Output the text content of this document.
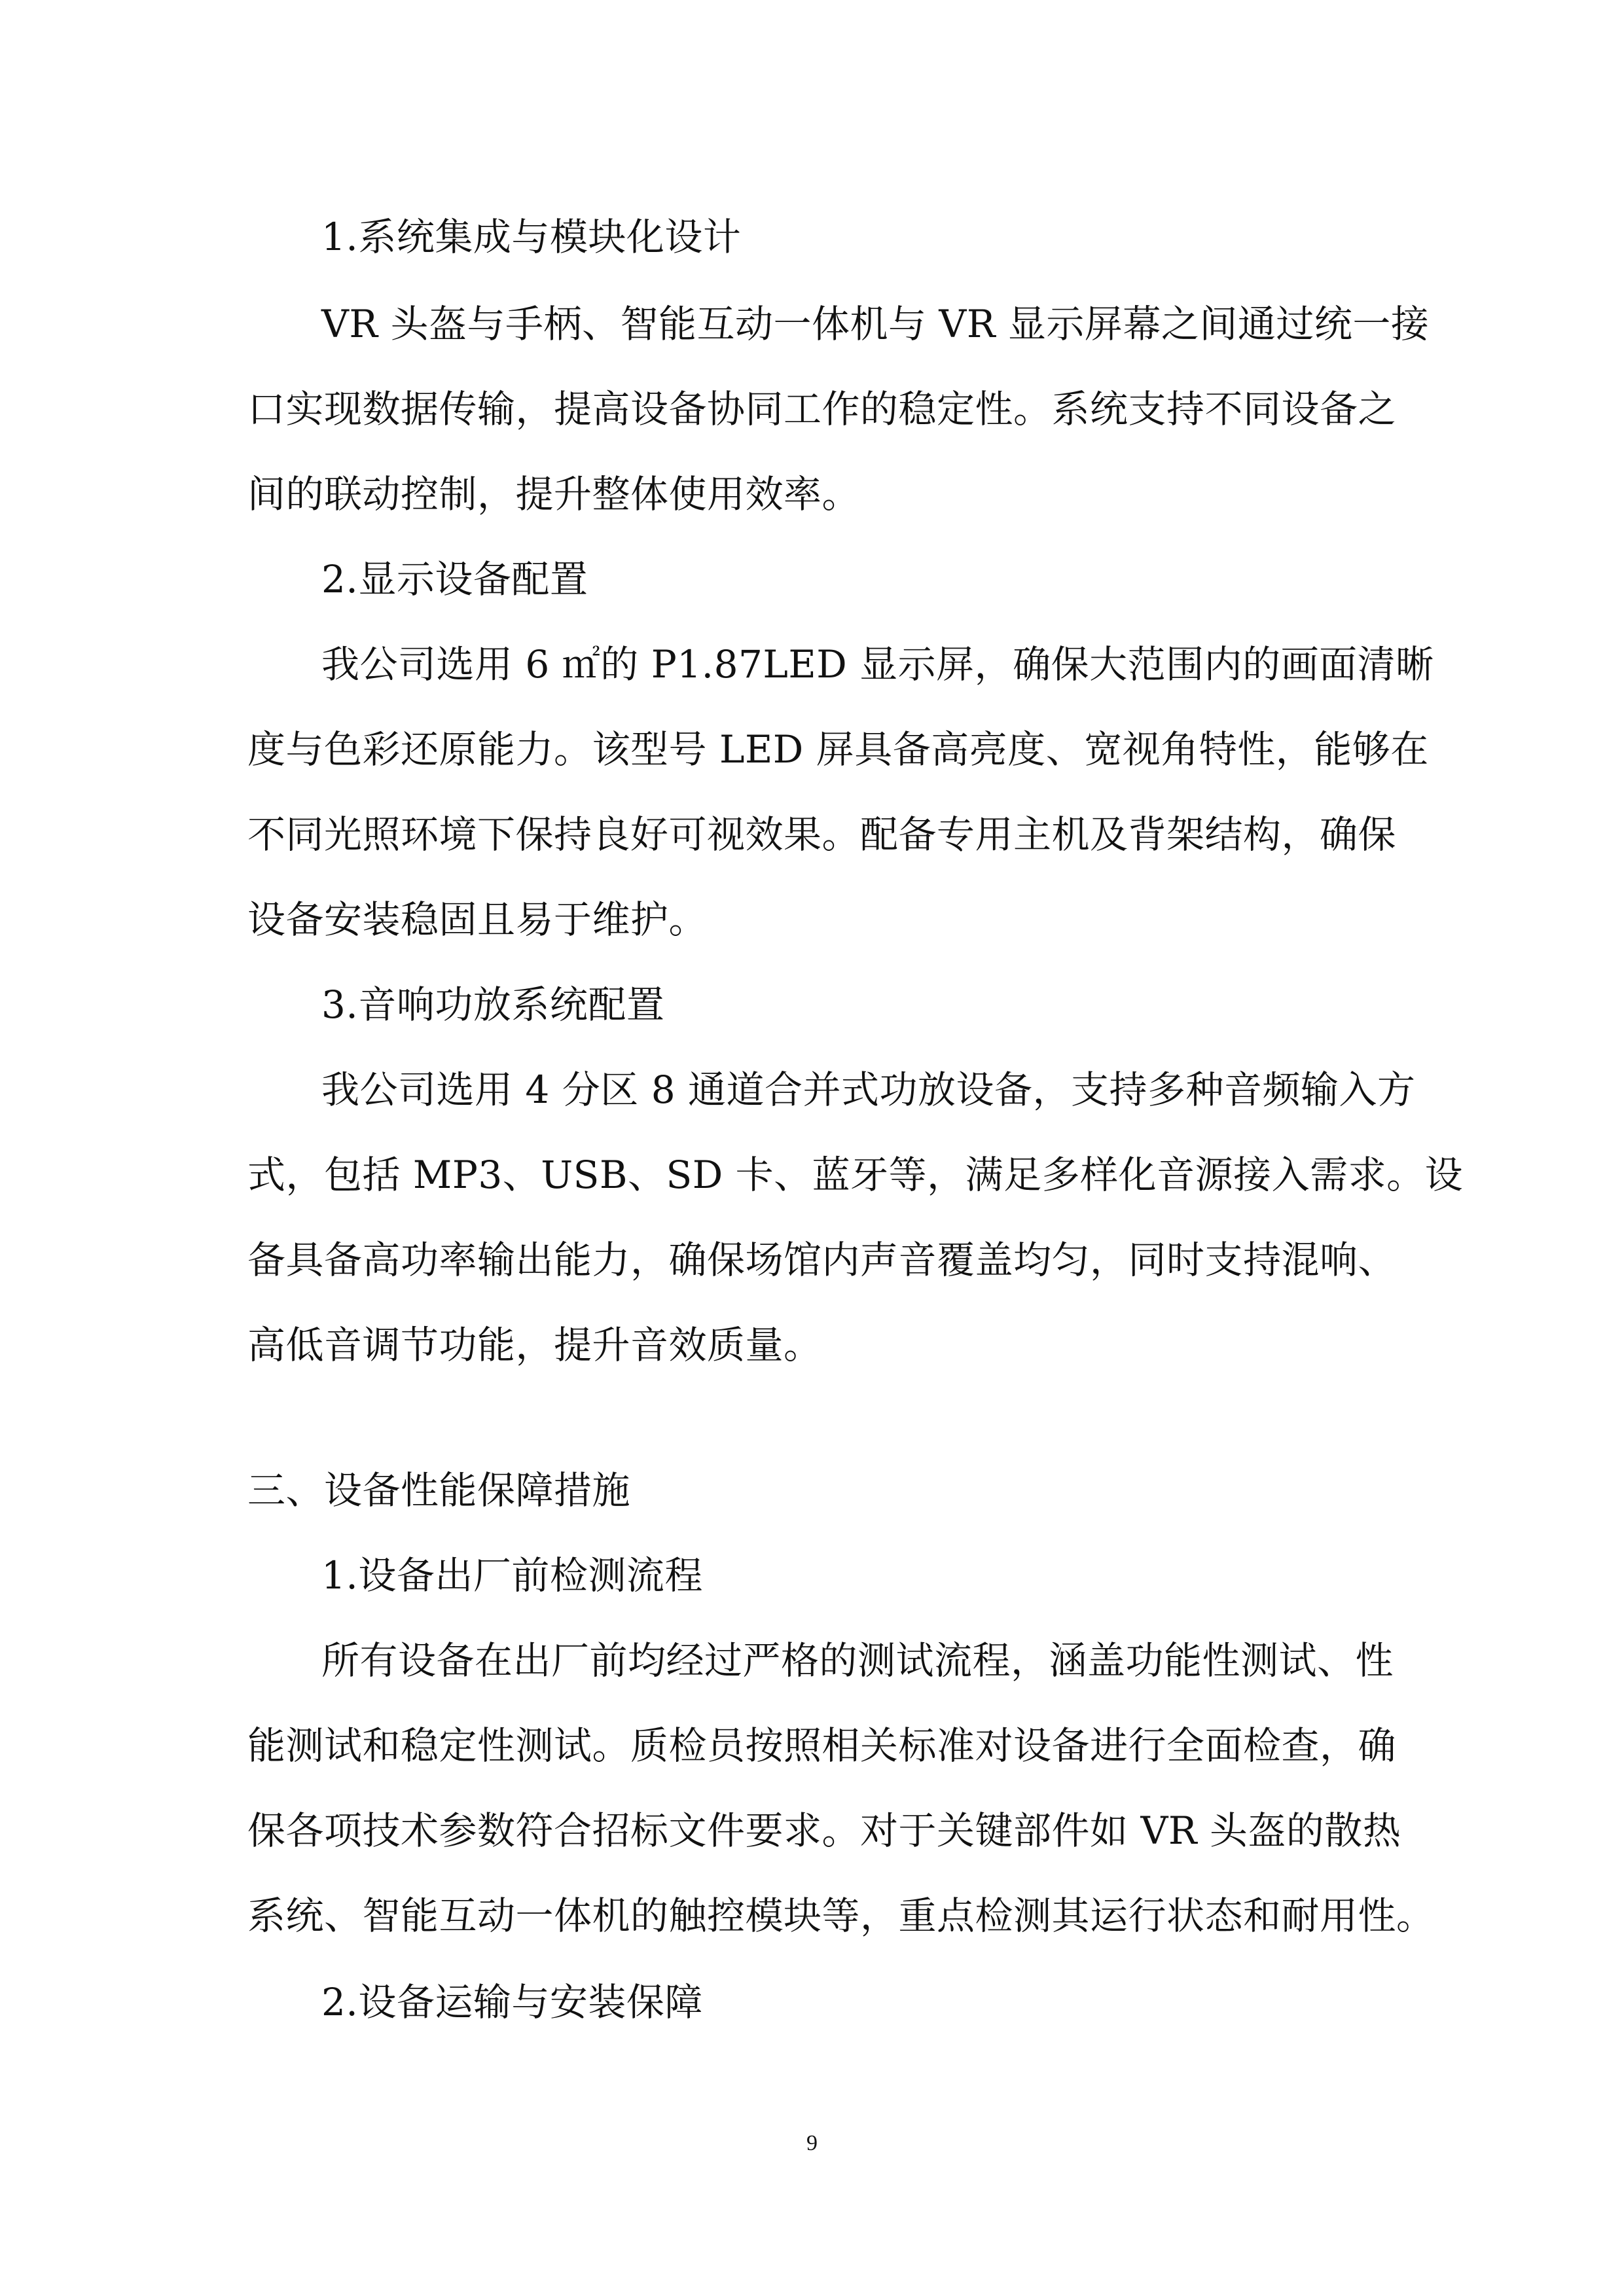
1.系统集成与模块化设计
VR 头盔与手柄、智能互动一体机与 VR 显示屏幕之间通过统一接
口实现数据传输，提高设备协同工作的稳定性。系统支持不同设备之
间的联动控制，提升整体使用效率。
2.显示设备配置
我公司选用 6 ㎡的 P1.87LED 显示屏，确保大范围内的画面清晰
度与色彩还原能力。该型号 LED 屏具备高亮度、宽视角特性，能够在
不同光照环境下保持良好可视效果。配备专用主机及背架结构，确保
设备安装稳固且易于维护。
3.音响功放系统配置
我公司选用 4 分区 8 通道合并式功放设备，支持多种音频输入方
式，包括 MP3、USB、SD 卡、蓝牙等，满足多样化音源接入需求。设
备具备高功率输出能力，确保场馆内声音覆盖均匀，同时支持混响、
高低音调节功能，提升音效质量。
三、设备性能保障措施
1.设备出厂前检测流程
所有设备在出厂前均经过严格的测试流程，涵盖功能性测试、性
能测试和稳定性测试。质检员按照相关标准对设备进行全面检查，确
保各项技术参数符合招标文件要求。对于关键部件如 VR 头盔的散热
系统、智能互动一体机的触控模块等，重点检测其运行状态和耐用性。
2.设备运输与安装保障
9
